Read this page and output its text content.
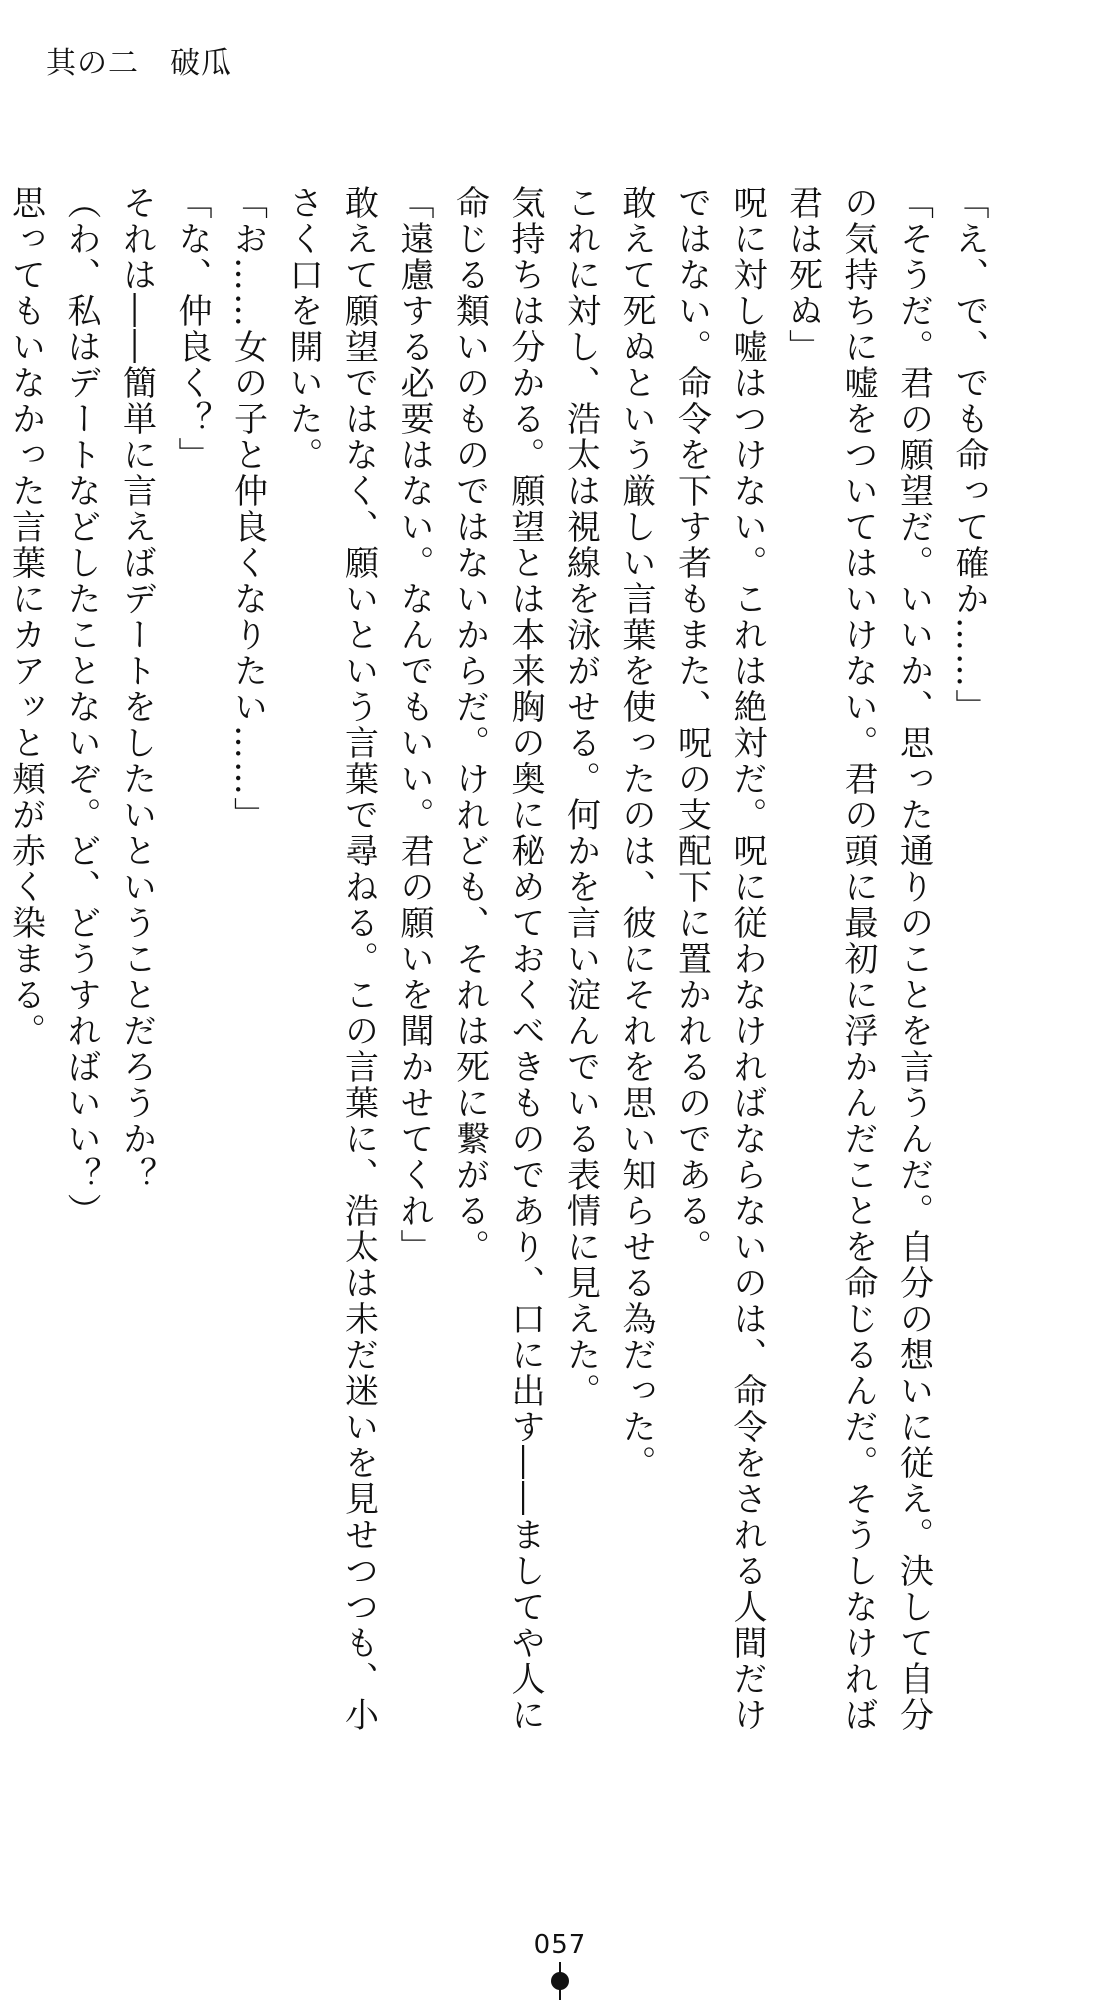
其の二　破瓜

「え、で、でも命って確か……」

「そうだ。君の願望だ。いいか、思った通りのことを言うんだ。自分の想いに従え。決して自分の気持ちに嘘をついてはいけない。君の頭に最初に浮かんだことを命じるんだ。そうしなければ君は死ぬ」

呪に対し嘘はつけない。これは絶対だ。呪に従わなければならないのは、命令をされる人間だけではない。命令を下す者もまた、呪の支配下に置かれるのである。

敢えて死ぬという厳しい言葉を使ったのは、彼にそれを思い知らせる為だった。

これに対し、浩太は視線を泳がせる。何かを言い淀んでいる表情に見えた。

気持ちは分かる。願望とは本来胸の奥に秘めておくべきものであり、口に出す――ましてや人に命じる類いのものではないからだ。けれども、それは死に繋がる。

「遠慮する必要はない。なんでもいい。君の願いを聞かせてくれ」

敢えて願望ではなく、願いという言葉で尋ねる。この言葉に、浩太は未だ迷いを見せつつも、小さく口を開いた。

「お……女の子と仲良くなりたい……」

「な、仲良く？」

それは――簡単に言えばデートをしたいということだろうか？

（わ、私はデートなどしたことないぞ。ど、どうすればいい？）

思ってもいなかった言葉にカアッと頬が赤く染まる。

057
